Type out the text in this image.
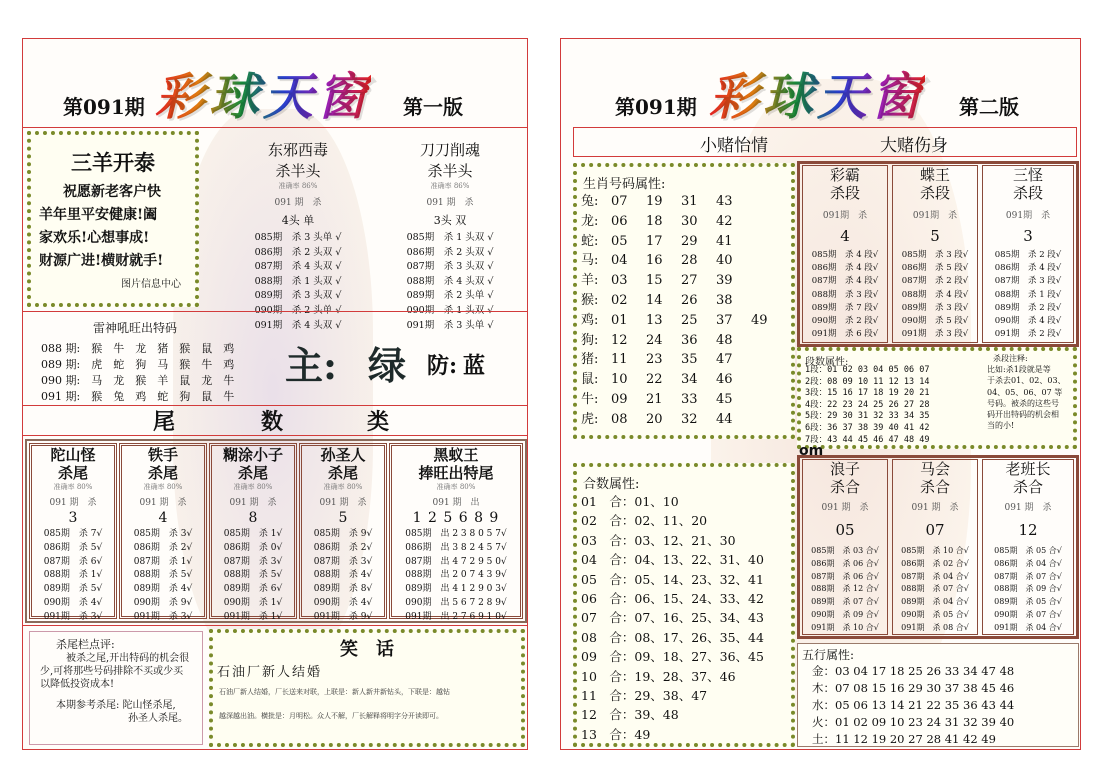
第091期 彩球天窗 第一版
三羊开泰
祝愿新老客户快
羊年里平安健康!阖
家欢乐!心想事成!
财源广进!横财就手!
图片信息中心
东邪西毒
杀半头
准确率 86%
091 期　杀
4头 单
085期　杀 3 头单 √
086期　杀 2 头双 √
087期　杀 4 头双 √
088期　杀 1 头双 √
089期　杀 3 头双 √
091期　杀 4 头双 √
刀刀削魂
杀半头
准确率 86%
091 期　杀
3头 双
085期　杀 1 头双 √
086期　杀 2 头双 √
087期　杀 3 头双 √
088期　杀 4 头双 √
089期　杀 2 头单 √
091期　杀 3 头单 √
雷神吼旺出特码
088 期:　猴　牛　龙　猪　猴　鼠　鸡
089 期:　虎　蛇　狗　马　猴　牛　鸡
090 期:　马　龙　猴　羊　鼠　龙　牛
091 期:　猴　兔　鸡　蛇　狗　鼠　牛
主: 绿 防: 蓝
尾	数	类
陀山怪
杀尾
准确率 80%
091 期　杀
3
085期　杀 7√
086期　杀 5√
087期　杀 6√
088期　杀 1√
089期　杀 5√
090期　杀 4√
091期　杀 3√
铁手
杀尾
准确率 80%
091 期　杀
4
085期　杀 3√
086期　杀 2√
087期　杀 1√
088期　杀 5√
089期　杀 4√
090期　杀 9√
091期　杀 3√
糊涂小子
杀尾
准确率 80%
091 期　杀
8
085期　杀 1√
086期　杀 0√
087期　杀 3√
088期　杀 5√
089期　杀 6√
090期　杀 1√
091期　杀 1√
孙圣人
杀尾
准确率 80%
091 期　杀
5
085期　杀 9√
086期　杀 2√
087期　杀 3√
088期　杀 4√
089期　杀 8√
090期　杀 4√
091期　杀 9√
黑蚁王
捧旺出特尾
准确率 80%
091 期　出
1 2 5 6 8 9
085期　出 2 3 8 0 5 7√
086期　出 3 8 2 4 5 7√
087期　出 4 7 2 9 5 0√
088期　出 2 0 7 4 3 9√
089期　出 4 1 2 9 0 3√
090期　出 5 6 7 2 8 9√
091期　出 2 7 6 9 1 0√
杀尾栏点评:
被杀之尾,开出特码的机会很
少,可将那些号码排除不买或少买
以降低投资成本!
本期参考杀尾: 陀山怪杀尾,
孙圣人杀尾。
笑　话
石油厂新人结婚
石油厂新人结婚，厂长送来对联，上联是：新人新井新钻头，下联是：越钻
越深越出油。横批是：月明松。众人不解，厂长解释将明字分开读即可。
第091期 彩球天窗 第二版
小赌怡情	大赌伤身
生肖号码属性:
兔: 07 19 31 43
龙: 06 18 30 42
蛇: 05 17 29 41
马: 04 16 28 40
羊: 03 15 27 39
猴: 02 14 26 38
鸡: 01 13 25 37 49
狗: 12 24 36 48
猪: 11 23 35 47
鼠: 10 22 34 46
牛: 09 21 33 45
虎: 08 20 32 44
彩霸
杀段
091期　杀
4
085期　杀 4 段√
086期　杀 4 段√
087期　杀 4 段√
088期　杀 3 段√
089期　杀 7 段√
090期　杀 2 段√
091期　杀 6 段√
蝶王
杀段
091期　杀
5
085期　杀 3 段√
086期　杀 5 段√
087期　杀 2 段√
088期　杀 4 段√
089期　杀 3 段√
090期　杀 5 段√
091期　杀 3 段√
三怪
杀段
091期　杀
3
085期　杀 2 段√
086期　杀 4 段√
087期　杀 3 段√
088期　杀 1 段√
089期　杀 2 段√
090期　杀 4 段√
091期　杀 2 段√
段数属性:
1段：01 02 03 04 05 06 07
2段：08 09 10 11 12 13 14
3段：15 16 17 18 19 20 21
4段：22 23 24 25 26 27 28
5段：29 30 31 32 33 34 35
6段：36 37 38 39 40 41 42
7段：43 44 45 46 47 48 49
杀段注释:
比如:杀1段就是等
于杀去01、02、03、
04、05、06、07 等
号码。被杀的这些号
码开出特码的机会相
当的小!
om
合数属性:
01　合：01、10
02　合：02、11、20
03　合：03、12、21、30
04　合：04、13、22、31、40
05　合：05、14、23、32、41
06　合：06、15、24、33、42
07　合：07、16、25、34、43
08　合：08、17、26、35、44
09　合：09、18、27、36、45
10　合：19、28、37、46
11　合：29、38、47
12　合：39、48
13　合：49
浪子
杀合
091 期　杀
05
085期　杀 03 合√
086期　杀 06 合√
087期　杀 06 合√
088期　杀 12 合√
089期　杀 07 合√
090期　杀 09 合√
091期　杀 10 合√
马会
杀合
091 期　杀
07
085期　杀 10 合√
086期　杀 02 合√
087期　杀 04 合√
088期　杀 07 合√
089期　杀 04 合√
090期　杀 05 合√
091期　杀 08 合√
老班长
杀合
091 期　杀
12
085期　杀 05 合√
086期　杀 04 合√
087期　杀 07 合√
088期　杀 09 合√
089期　杀 05 合√
090期　杀 07 合√
091期　杀 04 合√
五行属性:
金：03 04 17 18 25 26 33 34 47 48
木：07 08 15 16 29 30 37 38 45 46
水：05 06 13 14 21 22 35 36 43 44
火：01 02 09 10 23 24 31 32 39 40
土：11 12 19 20 27 28 41 42 49
